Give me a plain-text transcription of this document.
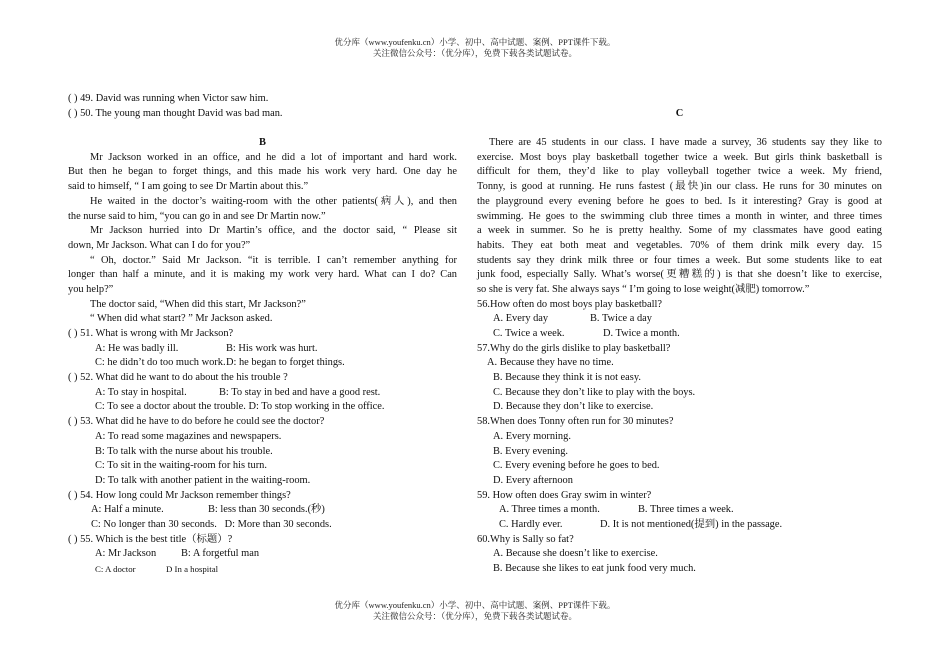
优分库（www.youfenku.cn）小学、初中、高中试题、案例、PPT课件下载。
关注微信公众号：（优分库），免费下载各类试题试卷。
( ) 49. David was running when Victor saw him.
( ) 50. The young man thought David was bad man.
B
Mr Jackson worked in an office, and he did a lot of important and hard work.
But then he began to forget things, and this made his work very hard. One day he
said to himself, “ I am going to see Dr Martin about this.”
He waited in the doctor’s waiting-room with the other patients(病人), and then
the nurse said to him, “you can go in and see Dr Martin now.”
Mr Jackson hurried into Dr Martin’s office, and the doctor said, “ Please sit
down, Mr Jackson. What can I do for you?”
“ Oh, doctor.” Said Mr Jackson. “it is terrible. I can’t remember anything for
longer than half a minute, and it is making my work very hard. What can I do? Can
you help?”
The doctor said, “When did this start, Mr Jackson?”
“ When did what start? ” Mr Jackson asked.
( ) 51. What is wrong with Mr Jackson?
A: He was badly ill.	B: His work was hurt.
C: he didn’t do too much work.D: he began to forget things.
( ) 52. What did he want to do about the his trouble ?
A: To stay in hospital.	B: To stay in bed and have a good rest.
C: To see a doctor about the trouble. D: To stop working in the office.
( ) 53. What did he have to do before he could see the doctor?
A: To read some magazines and newspapers.
B: To talk with the nurse about his trouble.
C: To sit in the waiting-room for his turn.
D: To talk with another patient in the waiting-room.
( ) 54. How long could Mr Jackson remember things?
A: Half a minute.	B: less than 30 seconds.(秒)
C: No longer than 30 seconds. D: More than 30 seconds.
( ) 55. Which is the best title（标题）?
A: Mr Jackson B: A forgetful man
C: A doctor	D In a hospital
C
There are 45 students in our class. I have made a survey, 36 students say they like to
exercise. Most boys play basketball together twice a week. But girls think basketball is
difficult for them, they’d like to play volleyball together twice a week. My friend,
Tonny, is good at running. He runs fastest (最快)in our class. He runs for 30 minutes on
the playground every evening before he goes to bed. Is it interesting? Gray is good at
swimming. He goes to the swimming club three times a month in winter, and three times
a week in summer. So he is pretty healthy. Some of my classmates have good eating
habits. They eat both meat and vegetables. 70% of them drink milk every day. 15
students say they drink milk three or four times a week. But some students like to eat
junk food, especially Sally. What’s worse(更糟糕的) is that she doesn’t like to exercise,
so she is very fat. She always says “ I’m going to lose weight(减肥) tomorrow.”
56.How often do most boys play basketball?
A. Every day	B. Twice a day
C. Twice a week.	D. Twice a month.
57.Why do the girls dislike to play basketball?
A. Because they have no time.
B. Because they think it is not easy.
C. Because they don’t like to play with the boys.
D. Because they don’t like to exercise.
58.When does Tonny often run for 30 minutes?
A. Every morning.
B. Every evening.
C. Every evening before he goes to bed.
D. Every afternoon
59. How often does Gray swim in winter?
A. Three times a month.	B. Three times a week.
C. Hardly ever.	D. It is not mentioned(提到) in the passage.
60.Why is Sally so fat?
A. Because she doesn’t like to exercise.
B. Because she likes to eat junk food very much.
优分库（www.youfenku.cn）小学、初中、高中试题、案例、PPT课件下载。
关注微信公众号：（优分库），免费下载各类试题试卷。
